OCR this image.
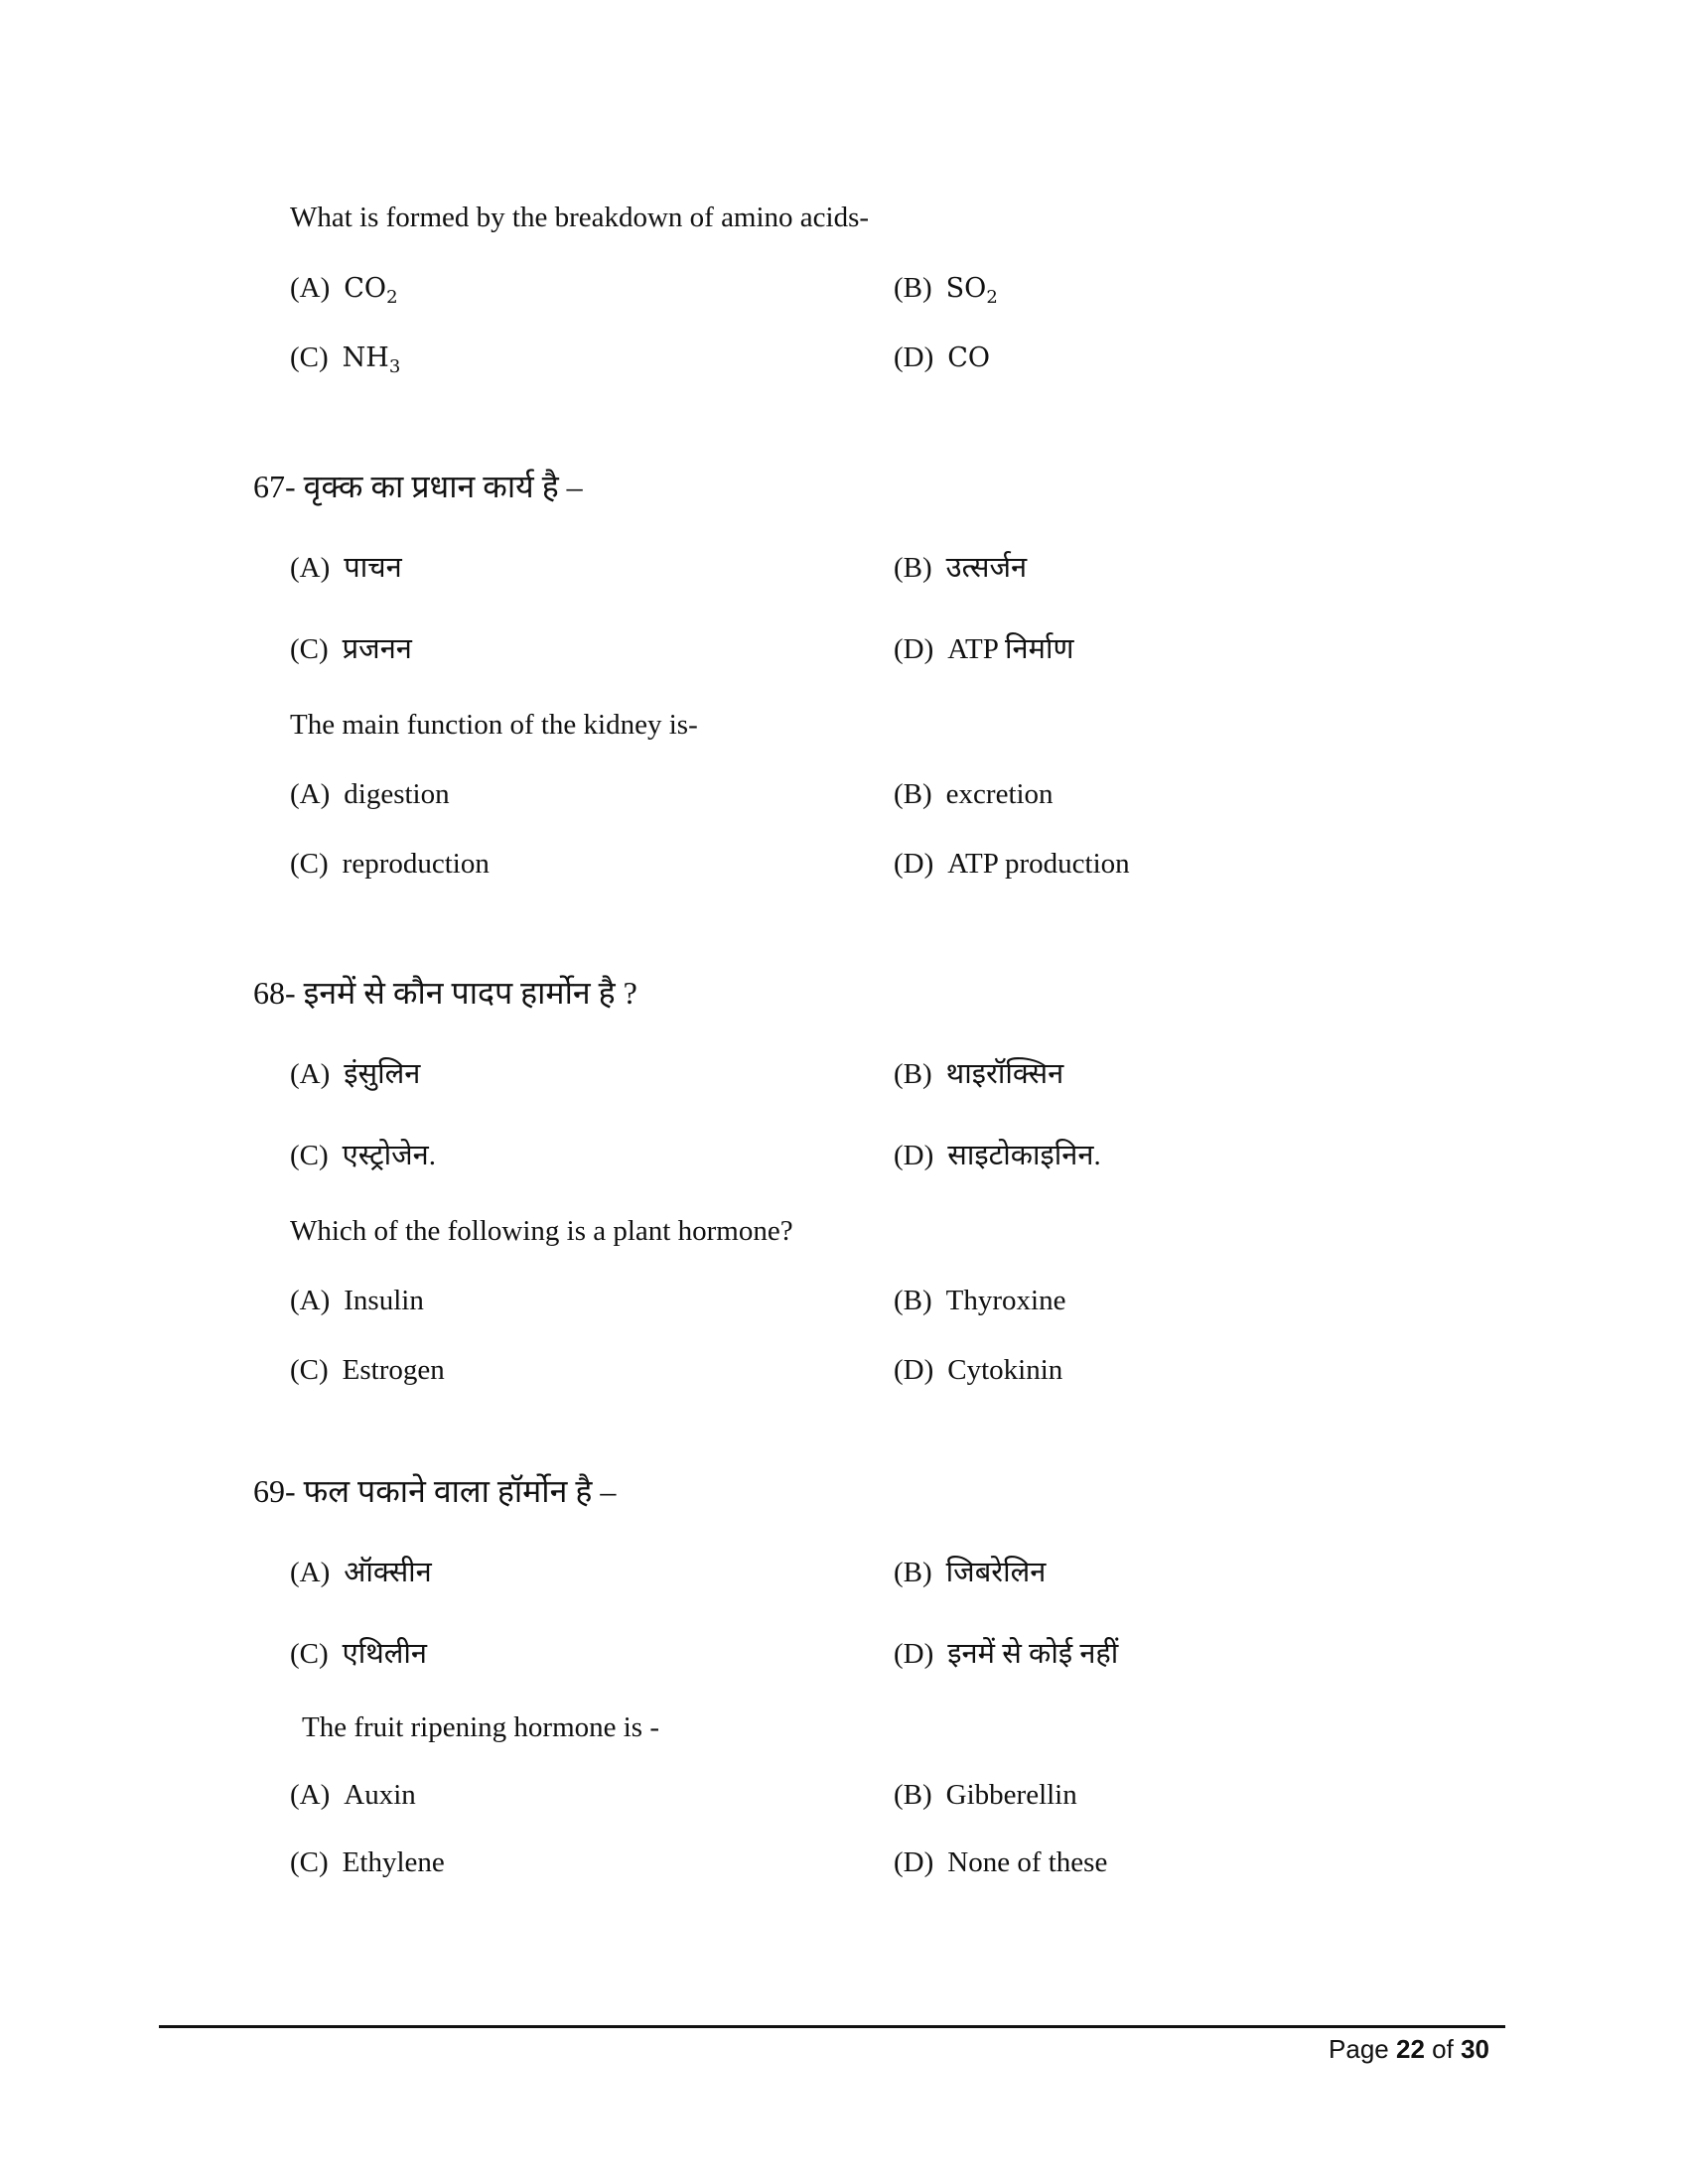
What is formed by the breakdown of amino acids-
(A) $CO_2$	(B) $SO_2$
(C) $NH_3$	(D) CO
67- वृक्क का प्रधान कार्य है –
(A) पाचन	(B) उत्सर्जन
(C) प्रजनन	(D) ATP निर्माण
The main function of the kidney is-
(A) digestion	(B) excretion
(C) reproduction	(D) ATP production
68- इनमें से कौन पादप हार्मोन है ?
(A) इंसुलिन	(B) थाइरॉक्सिन
(C) एस्ट्रोजेन.	(D) साइटोकाइनिन.
Which of the following is a plant hormone?
(A) Insulin	(B) Thyroxine
(C) Estrogen	(D) Cytokinin
69- फल पकाने वाला हॉर्मोन है –
(A) ऑक्सीन	(B) जिबरेलिन
(C) एथिलीन	(D) इनमें से कोई नहीं
The fruit ripening hormone is -
(A) Auxin	(B) Gibberellin
(C) Ethylene	(D) None of these
Page 22 of 30
